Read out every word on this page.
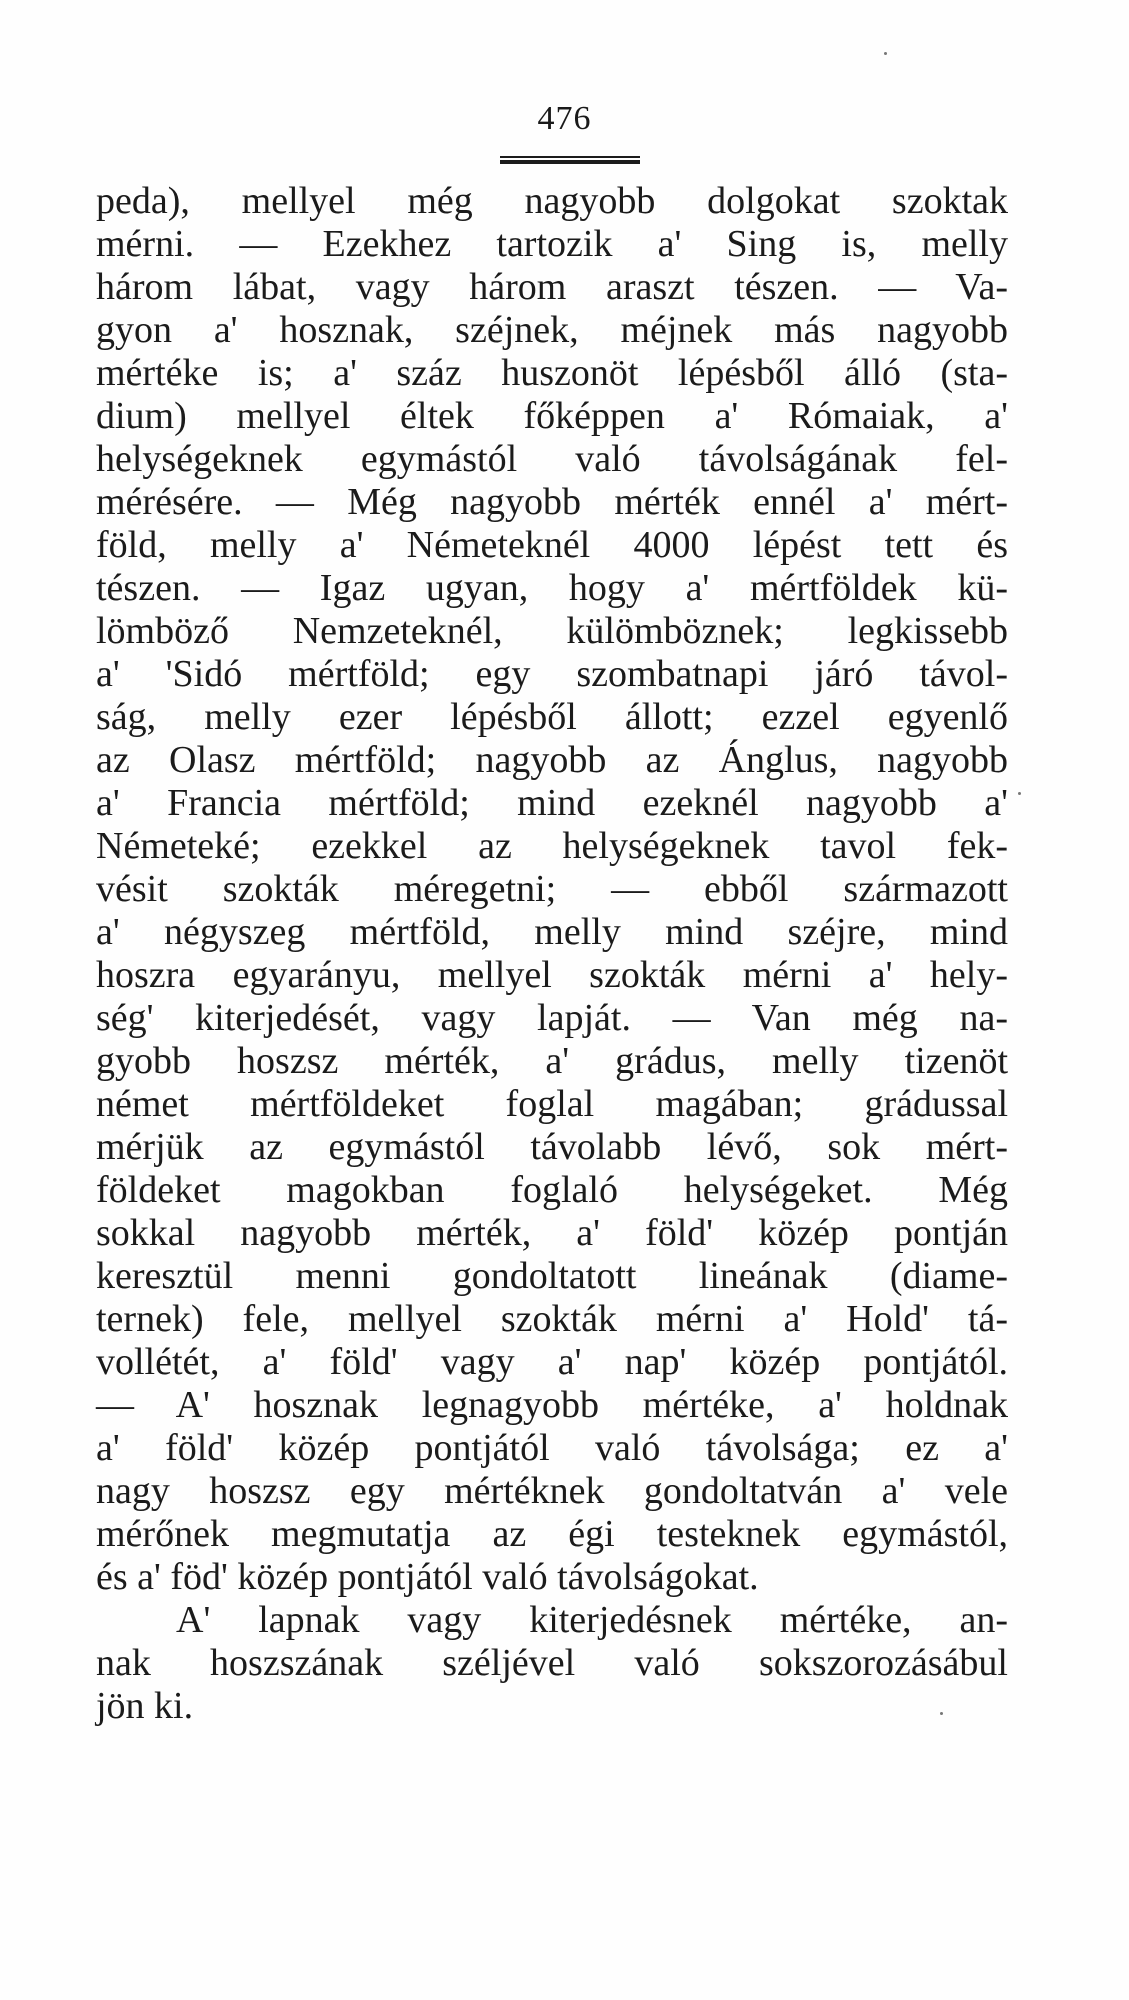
476
peda), mellyel még nagyobb dolgokat szoktak
mérni. — Ezekhez tartozik a' Sing is, melly
három lábat, vagy három araszt tészen. — Va-
gyon a' hosznak, széjnek, méjnek más nagyobb
mértéke is; a' száz huszonöt lépésből álló (sta-
dium) mellyel éltek főképpen a' Rómaiak, a'
helységeknek egymástól való távolságának fel-
mérésére. — Még nagyobb mérték ennél a' mért-
föld, melly a' Németeknél 4000 lépést tett és
tészen. — Igaz ugyan, hogy a' mértföldek kü-
lömböző Nemzeteknél, külömböznek; legkissebb
a' 'Sidó mértföld; egy szombatnapi járó távol-
ság, melly ezer lépésből állott; ezzel egyenlő
az Olasz mértföld; nagyobb az Ánglus, nagyobb
a' Francia mértföld; mind ezeknél nagyobb a'
Németeké; ezekkel az helységeknek tavol fek-
vésit szokták méregetni; — ebből származott
a' négyszeg mértföld, melly mind széjre, mind
hoszra egyarányu, mellyel szokták mérni a' hely-
ség' kiterjedését, vagy lapját. — Van még na-
gyobb hoszsz mérték, a' grádus, melly tizenöt
német mértföldeket foglal magában; grádussal
mérjük az egymástól távolabb lévő, sok mért-
földeket magokban foglaló helységeket. Még
sokkal nagyobb mérték, a' föld' közép pontján
keresztül menni gondoltatott lineának (diame-
ternek) fele, mellyel szokták mérni a' Hold' tá-
vollétét, a' föld' vagy a' nap' közép pontjától.
— A' hosznak legnagyobb mértéke, a' holdnak
a' föld' közép pontjától való távolsága; ez a'
nagy hoszsz egy mértéknek gondoltatván a' vele
mérőnek megmutatja az égi testeknek egymástól,
és a' föd' közép pontjától való távolságokat.
A' lapnak vagy kiterjedésnek mértéke, an-
nak hoszszának széljével való sokszorozásábul
jön ki.
